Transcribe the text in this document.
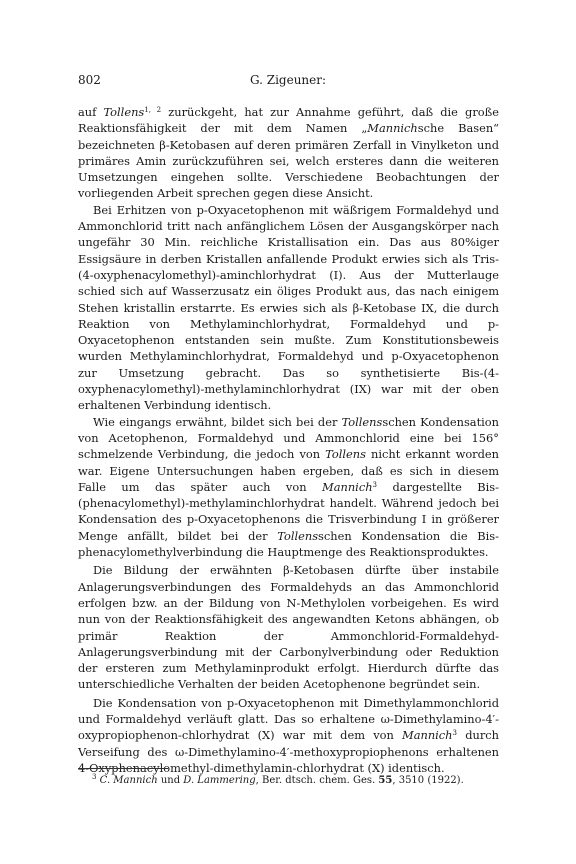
802	G. Zigeuner:

auf Tollens$^{1, 2}$ zurückgeht, hat zur Annahme geführt, daß die große Reaktionsfähigkeit der mit dem Namen „Mannichsche Basen“ bezeichneten β-Ketobasen auf deren primären Zerfall in Vinylketon und primäres Amin zurückzuführen sei, welch ersteres dann die weiteren Umsetzungen eingehen sollte. Verschiedene Beobachtungen der vorliegenden Arbeit sprechen gegen diese Ansicht.

Bei Erhitzen von p-Oxyacetophenon mit wäßrigem Formaldehyd und Ammonchlorid tritt nach anfänglichem Lösen der Ausgangskörper nach ungefähr 30 Min. reichliche Kristallisation ein. Das aus 80%iger Essigsäure in derben Kristallen anfallende Produkt erwies sich als Tris-(4-oxyphenacylomethyl)-aminchlorhydrat (I). Aus der Mutterlauge schied sich auf Wasserzusatz ein öliges Produkt aus, das nach einigem Stehen kristallin erstarrte. Es erwies sich als β-Ketobase IX, die durch Reaktion von Methylaminchlorhydrat, Formaldehyd und p-Oxyacetophenon entstanden sein mußte. Zum Konstitutionsbeweis wurden Methylaminchlorhydrat, Formaldehyd und p-Oxyacetophenon zur Umsetzung gebracht. Das so synthetisierte Bis-(4-oxyphenacylomethyl)-methylaminchlorhydrat (IX) war mit der oben erhaltenen Verbindung identisch.

Wie eingangs erwähnt, bildet sich bei der Tollensschen Kondensation von Acetophenon, Formaldehyd und Ammonchlorid eine bei 156° schmelzende Verbindung, die jedoch von Tollens nicht erkannt worden war. Eigene Untersuchungen haben ergeben, daß es sich in diesem Falle um das später auch von Mannich$^3$ dargestellte Bis-(phenacylomethyl)-methylaminchlorhydrat handelt. Während jedoch bei Kondensation des p-Oxyacetophenons die Trisverbindung I in größerer Menge anfällt, bildet bei der Tollensschen Kondensation die Bis-phenacylomethylverbindung die Hauptmenge des Reaktionsproduktes.

Die Bildung der erwähnten β-Ketobasen dürfte über instabile Anlagerungsverbindungen des Formaldehyds an das Ammonchlorid erfolgen bzw. an der Bildung von N-Methylolen vorbeigehen. Es wird nun von der Reaktionsfähigkeit des angewandten Ketons abhängen, ob primär Reaktion der Ammonchlorid-Formaldehyd-Anlagerungsverbindung mit der Carbonylverbindung oder Reduktion der ersteren zum Methylaminprodukt erfolgt. Hierdurch dürfte das unterschiedliche Verhalten der beiden Acetophenone begründet sein.

Die Kondensation von p-Oxyacetophenon mit Dimethylammonchlorid und Formaldehyd verläuft glatt. Das so erhaltene ω-Dimethylamino-4′-oxypropiophenon-chlorhydrat (X) war mit dem von Mannich$^3$ durch Verseifung des ω-Dimethylamino-4′-methoxypropiophenons erhaltenen 4-Oxyphenacylomethyl-dimethylamin-chlorhydrat (X) identisch.

$^3$ C. Mannich und D. Lammering, Ber. dtsch. chem. Ges. 55, 3510 (1922).
